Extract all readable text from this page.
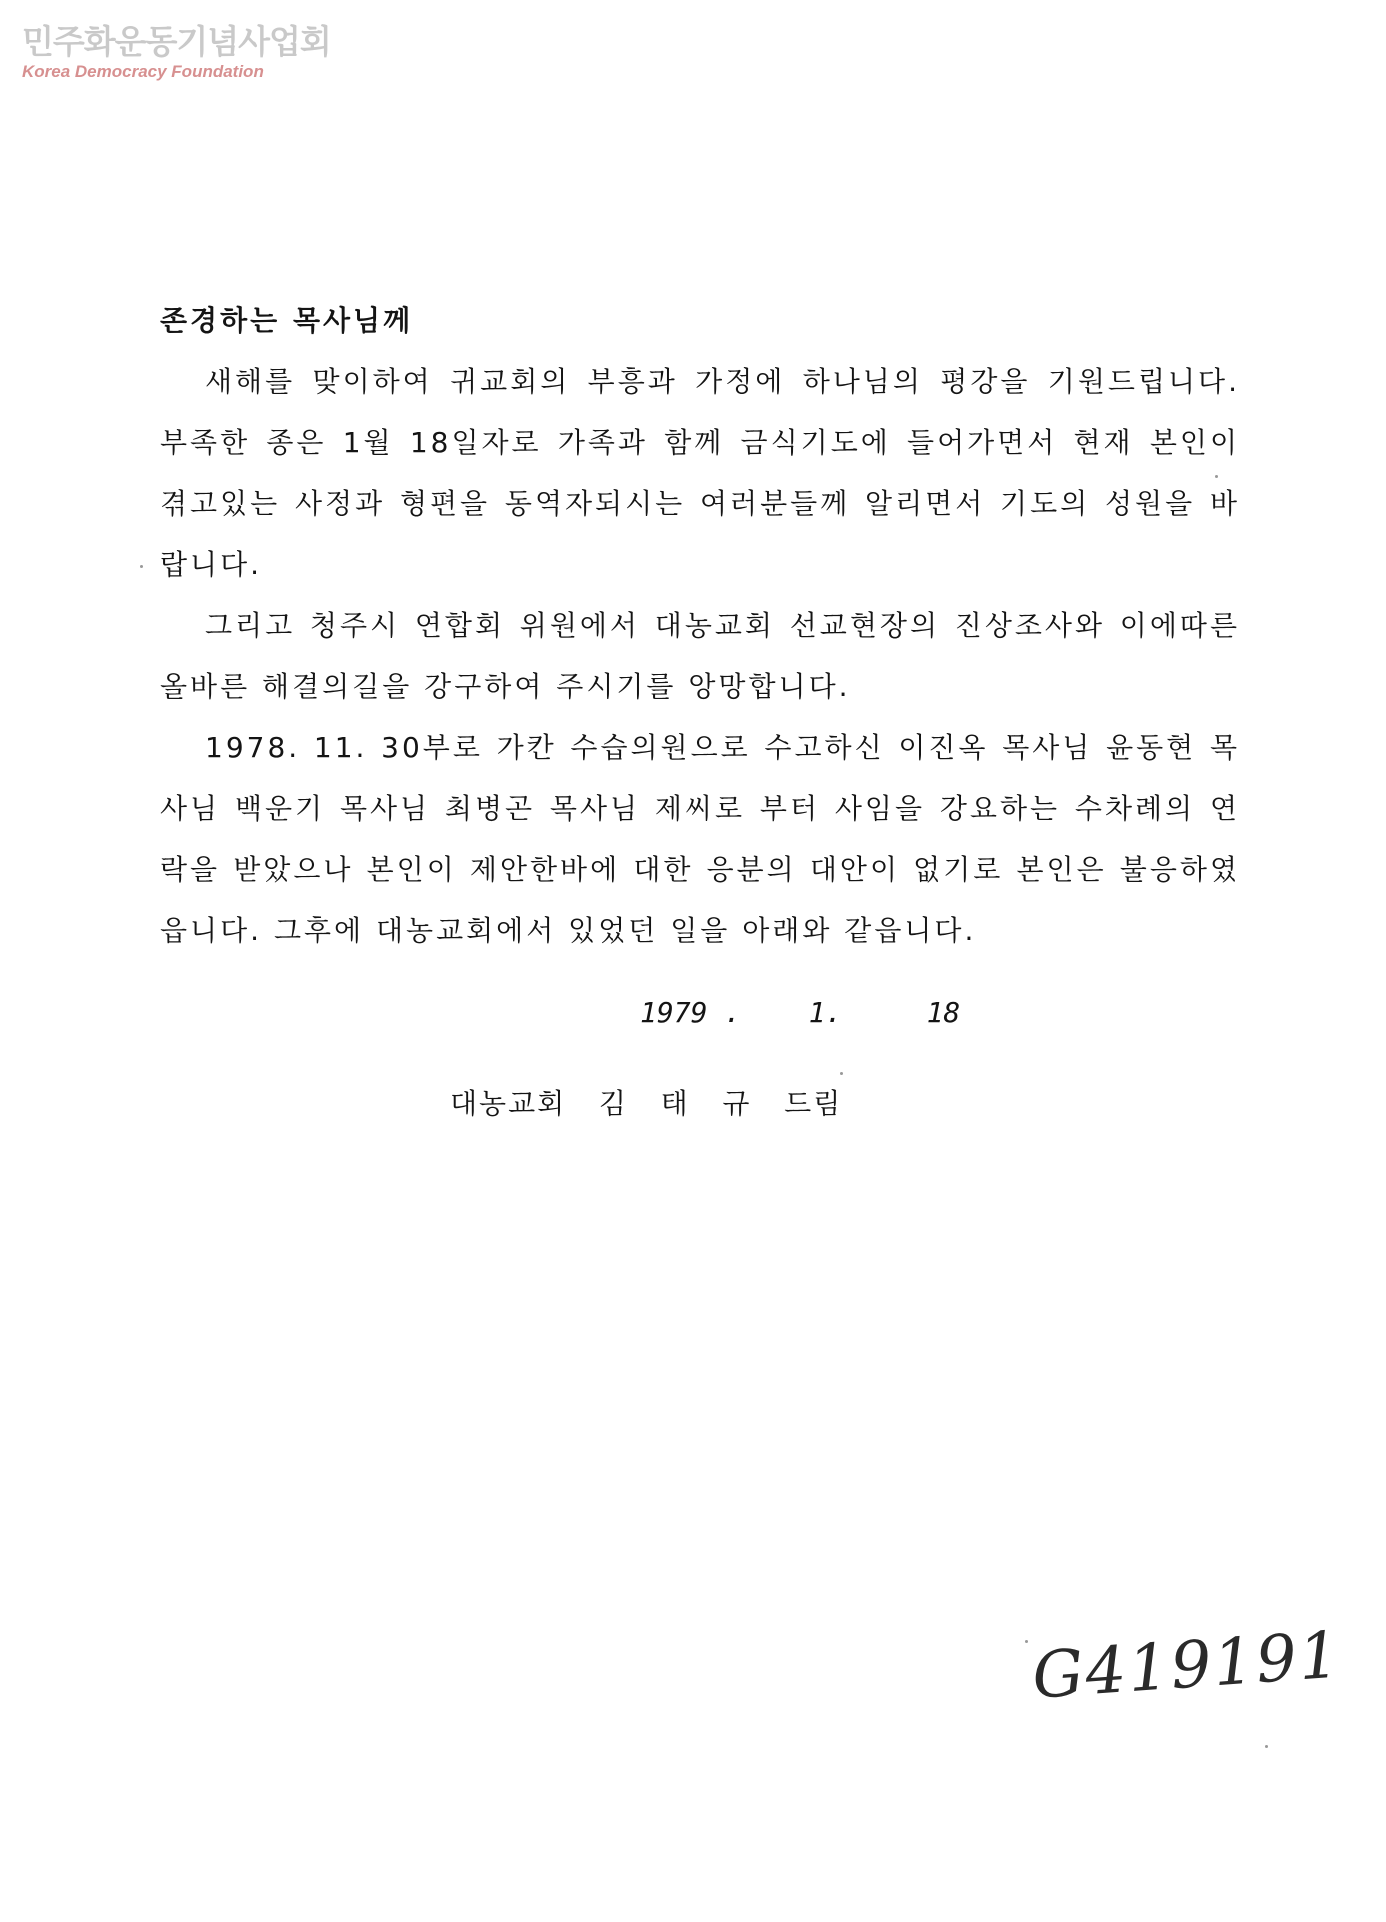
민주화운동기념사업회
Korea Democracy Foundation

존경하는 목사님께

새해를 맞이하여 귀교회의 부흥과 가정에 하나님의 평강을 기원드립니다. 부족한 종은 1월 18일자로 가족과 함께 금식기도에 들어가면서 현재 본인이 겪고있는 사정과 형편을 동역자되시는 여러분들께 알리면서 기도의 성원을 바랍니다.

그리고 청주시 연합회 위원에서 대농교회 선교현장의 진상조사와 이에따른 올바른 해결의길을 강구하여 주시기를 앙망합니다.

1978. 11. 30부로 가칸 수습의원으로 수고하신 이진옥 목사님 윤동현 목사님 백운기 목사님 최병곤 목사님 제씨로 부터 사임을 강요하는 수차례의 연락을 받았으나 본인이 제안한바에 대한 응분의 대안이 없기로 본인은 불응하였읍니다. 그후에 대농교회에서 있었던 일을 아래와 같읍니다.

1979 .    1.     18
대농교회   김   태   규   드림
G419191
